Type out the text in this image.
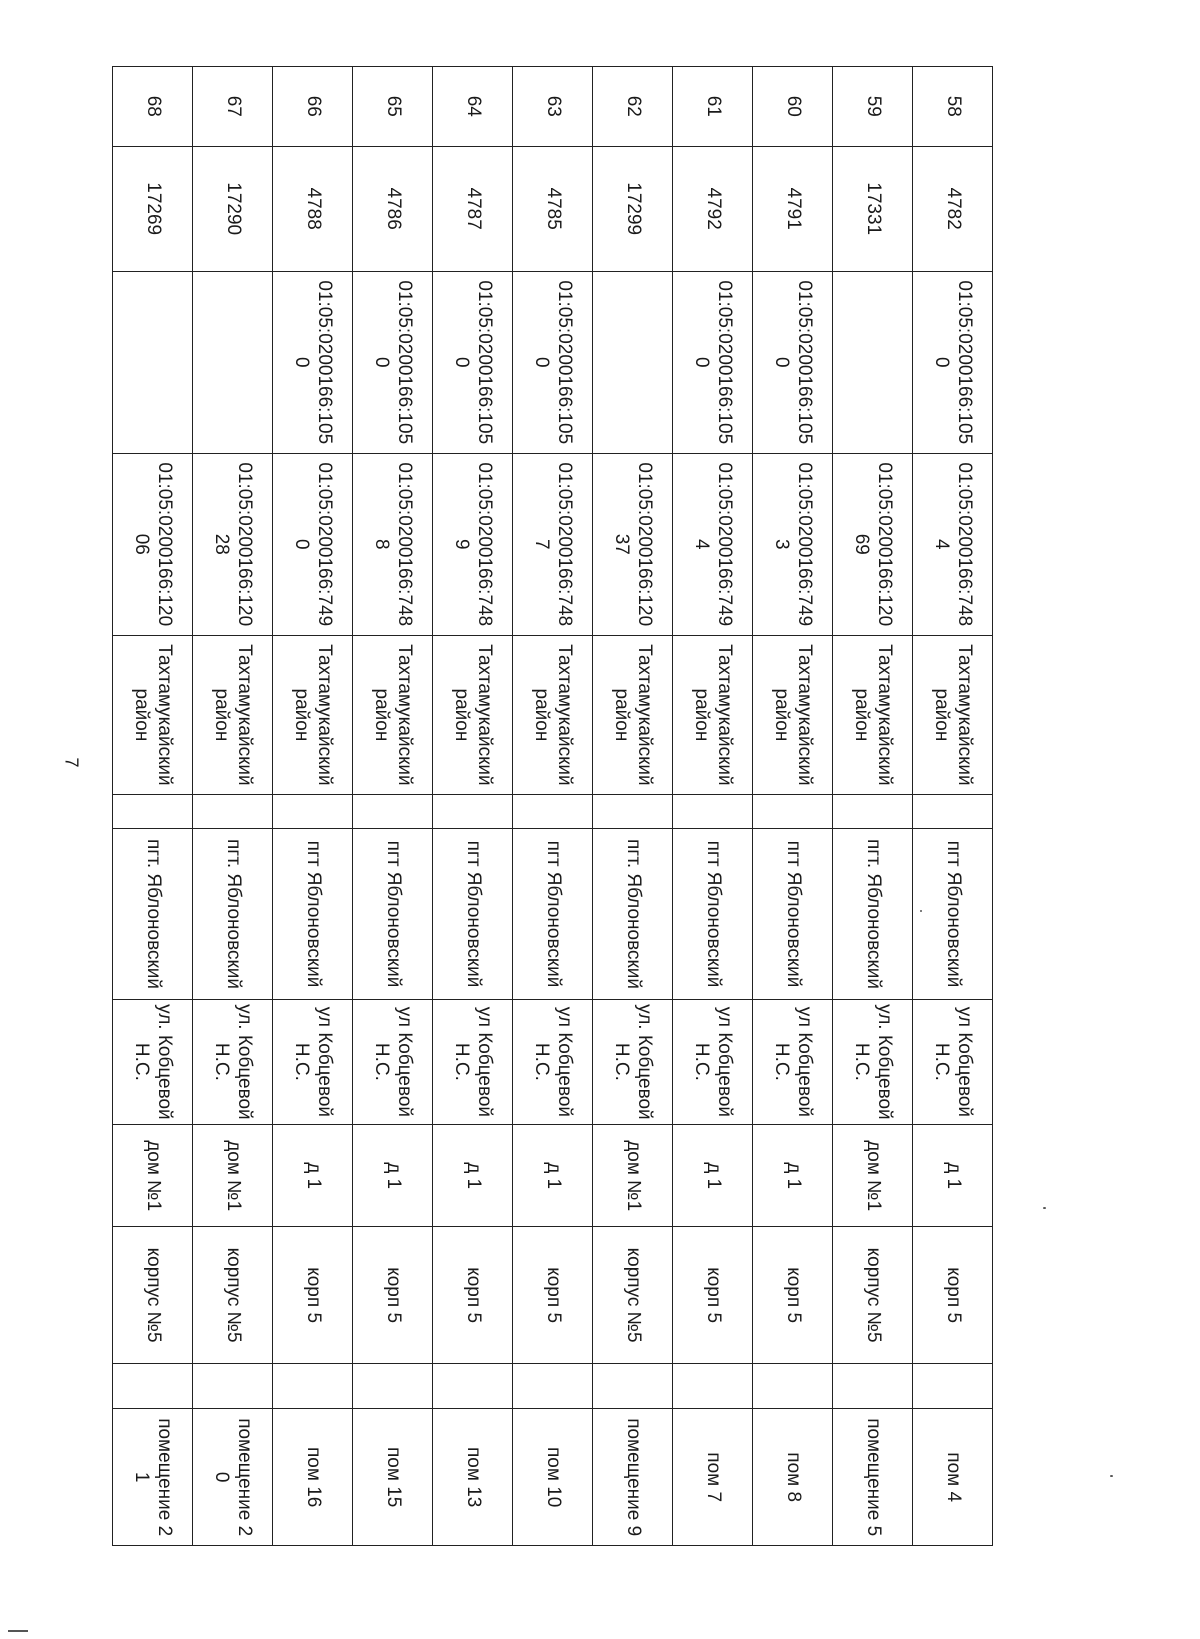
7
58	4782	01:05:0200166:1050	01:05:0200166:7484	Тахтамукайский район		пгт Яблоновский	ул Кобцевой Н.С.	д 1	корп 5		пом 4
59	17331		01:05:0200166:12069	Тахтамукайский район		пгт. Яблоновский	ул. Кобцевой Н.С.	дом №1	корпус №5		помещение 5
60	4791	01:05:0200166:1050	01:05:0200166:7493	Тахтамукайский район		пгт Яблоновский	ул Кобцевой Н.С.	д 1	корп 5		пом 8
61	4792	01:05:0200166:1050	01:05:0200166:7494	Тахтамукайский район		пгт Яблоновский	ул Кобцевой Н.С.	д 1	корп 5		пом 7
62	17299		01:05:0200166:12037	Тахтамукайский район		пгт. Яблоновский	ул. Кобцевой Н.С.	дом №1	корпус №5		помещение 9
63	4785	01:05:0200166:1050	01:05:0200166:7487	Тахтамукайский район		пгт Яблоновский	ул Кобцевой Н.С.	д 1	корп 5		пом 10
64	4787	01:05:0200166:1050	01:05:0200166:7489	Тахтамукайский район		пгт Яблоновский	ул Кобцевой Н.С.	д 1	корп 5		пом 13
65	4786	01:05:0200166:1050	01:05:0200166:7488	Тахтамукайский район		пгт Яблоновский	ул Кобцевой Н.С.	д 1	корп 5		пом 15
66	4788	01:05:0200166:1050	01:05:0200166:7490	Тахтамукайский район		пгт Яблоновский	ул Кобцевой Н.С.	д 1	корп 5		пом 16
67	17290		01:05:0200166:12028	Тахтамукайский район		пгт. Яблоновский	ул. Кобцевой Н.С.	дом №1	корпус №5		помещение 20
68	17269		01:05:0200166:12006	Тахтамукайский район		пгт. Яблоновский	ул. Кобцевой Н.С.	дом №1	корпус №5		помещение 21
